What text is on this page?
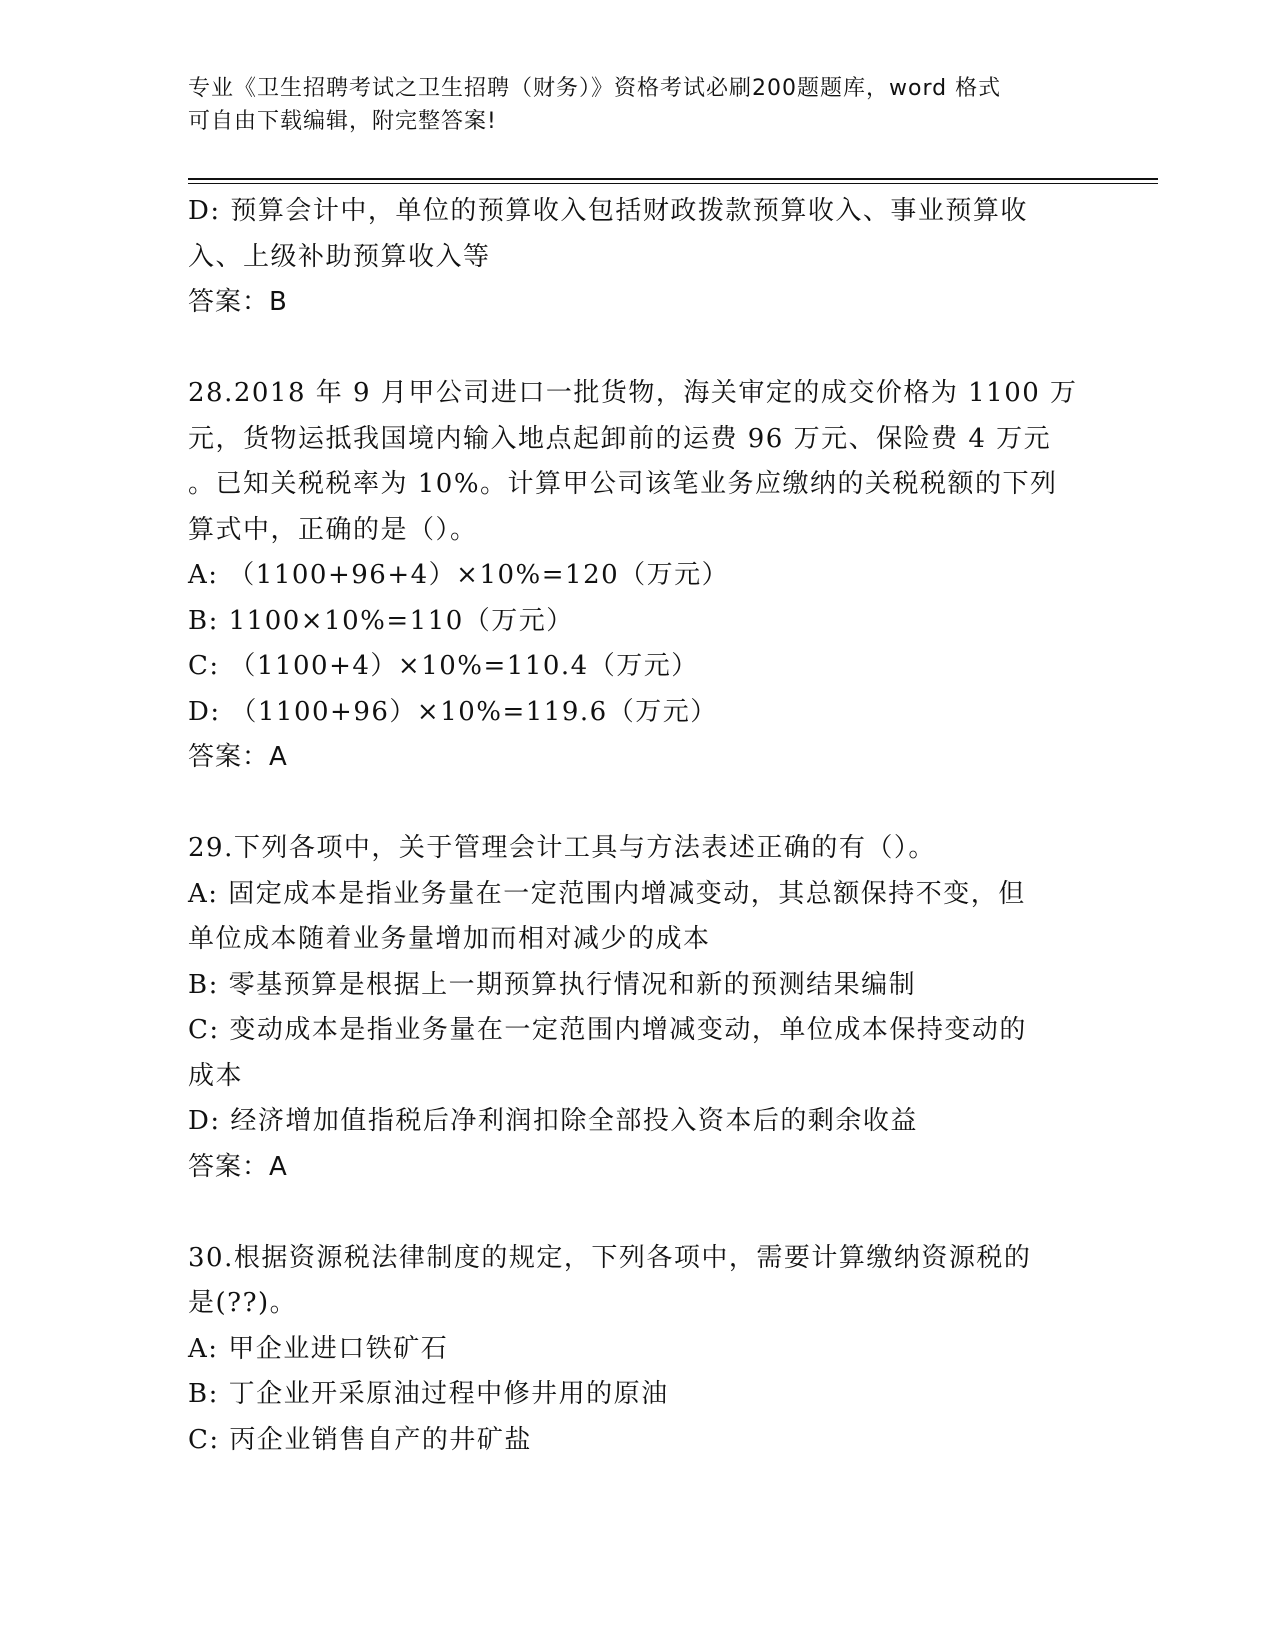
专业《卫生招聘考试之卫生招聘（财务）》资格考试必刷200题题库，word 格式
可自由下载编辑，附完整答案!

D: 预算会计中，单位的预算收入包括财政拨款预算收入、事业预算收

入、上级补助预算收入等

答案：B

28.2018 年 9 月甲公司进口一批货物，海关审定的成交价格为 1100 万

元，货物运抵我国境内输入地点起卸前的运费 96 万元、保险费 4 万元

。已知关税税率为 10%。计算甲公司该笔业务应缴纳的关税税额的下列

算式中，正确的是（）。

A: （1100+96+4）×10%=120（万元）

B: 1100×10%=110（万元）

C: （1100+4）×10%=110.4（万元）

D: （1100+96）×10%=119.6（万元）

答案：A

29.下列各项中，关于管理会计工具与方法表述正确的有（）。

A: 固定成本是指业务量在一定范围内增减变动，其总额保持不变，但

单位成本随着业务量增加而相对减少的成本

B: 零基预算是根据上一期预算执行情况和新的预测结果编制

C: 变动成本是指业务量在一定范围内增减变动，单位成本保持变动的

成本

D: 经济增加值指税后净利润扣除全部投入资本后的剩余收益

答案：A

30.根据资源税法律制度的规定，下列各项中，需要计算缴纳资源税的

是(??)。

A: 甲企业进口铁矿石

B: 丁企业开采原油过程中修井用的原油

C: 丙企业销售自产的井矿盐
